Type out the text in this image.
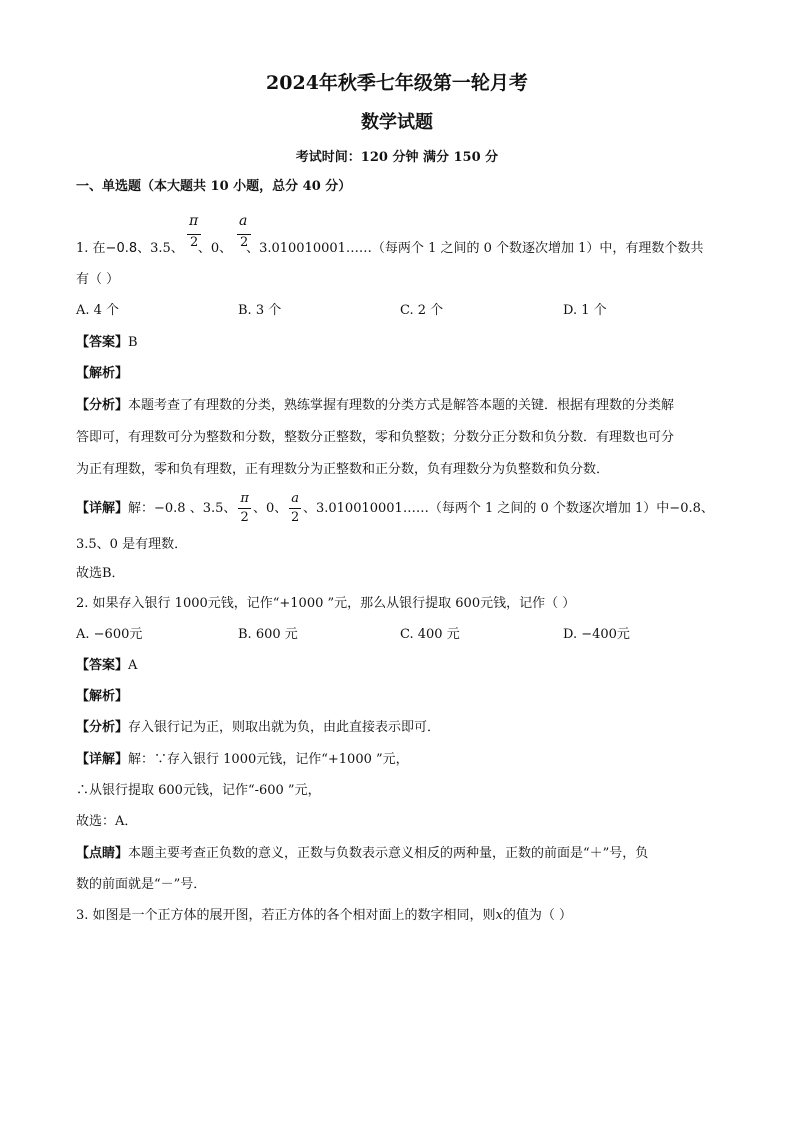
2024年秋季七年级第一轮月考
数学试题
考试时间：120 分钟 满分 150 分
一、单选题（本大题共 10 小题，总分 40 分）
π
2
a
2
1. 在−0.8、3.5、 、0、 、3.010010001……（每两个 1 之间的 0 个数逐次增加 1）中，有理数个数共
有（ ）
A. 4 个	B. 3 个	C. 2 个	D. 1 个
【答案】B
【解析】
【分析】本题考查了有理数的分类，熟练掌握有理数的分类方式是解答本题的关键．根据有理数的分类解
答即可，有理数可分为整数和分数，整数分正整数，零和负整数；分数分正分数和负分数．有理数也可分
为正有理数，零和负有理数，正有理数分为正整数和正分数，负有理数分为负整数和负分数．
【详解】解：−0.8 、3.5、 $\frac{\pi}{2}$ 、0、 $\frac{a}{2}$ 、3.010010001……（每两个 1 之间的 0 个数逐次增加 1）中−0.8、
3.5、0 是有理数．
故选B．
2. 如果存入银行 1000元钱，记作“+1000 ”元，那么从银行提取 600元钱，记作（ ）
A. −600元	B. 600 元	C. 400 元	D. −400元
【答案】A
【解析】
【分析】存入银行记为正，则取出就为负，由此直接表示即可．
【详解】解：∵存入银行 1000元钱，记作“+1000 ”元，
∴从银行提取 600元钱，记作“-600 ”元，
故选：A．
【点睛】本题主要考查正负数的意义，正数与负数表示意义相反的两种量，正数的前面是“＋”号，负
数的前面就是“－”号．
3. 如图是一个正方体的展开图，若正方体的各个相对面上的数字相同，则x的值为（ ）
